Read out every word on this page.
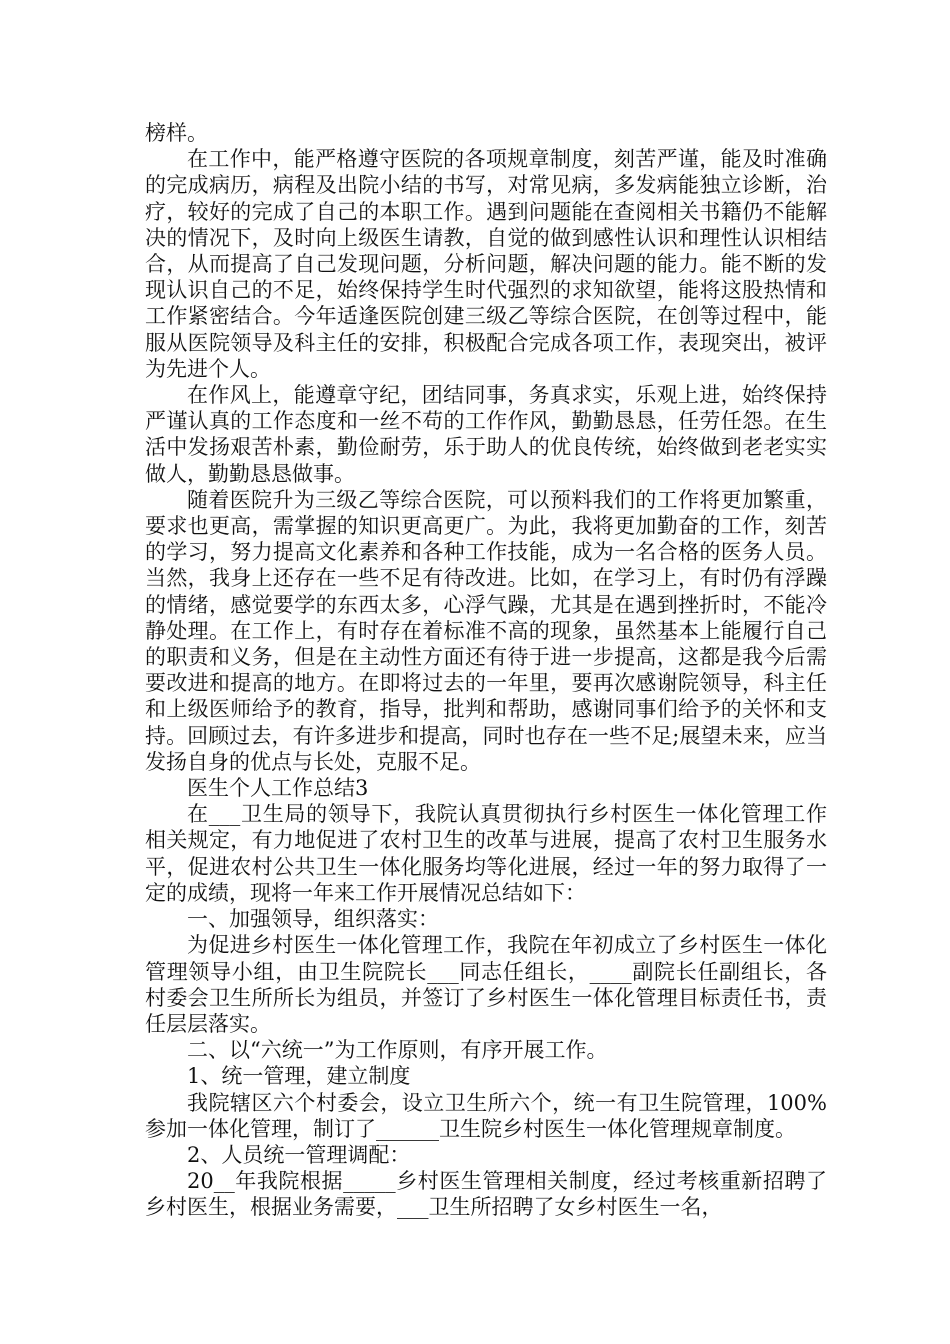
榜样。

在工作中，能严格遵守医院的各项规章制度，刻苦严谨，能及时准确的完成病历，病程及出院小结的书写，对常见病，多发病能独立诊断，治疗，较好的完成了自己的本职工作。遇到问题能在查阅相关书籍仍不能解决的情况下，及时向上级医生请教，自觉的做到感性认识和理性认识相结合，从而提高了自己发现问题，分析问题，解决问题的能力。能不断的发现认识自己的不足，始终保持学生时代强烈的求知欲望，能将这股热情和工作紧密结合。今年适逢医院创建三级乙等综合医院，在创等过程中，能服从医院领导及科主任的安排，积极配合完成各项工作，表现突出，被评为先进个人。

在作风上，能遵章守纪，团结同事，务真求实，乐观上进，始终保持严谨认真的工作态度和一丝不苟的工作作风，勤勤恳恳，任劳任怨。在生活中发扬艰苦朴素，勤俭耐劳，乐于助人的优良传统，始终做到老老实实做人，勤勤恳恳做事。

随着医院升为三级乙等综合医院，可以预料我们的工作将更加繁重，要求也更高，需掌握的知识更高更广。为此，我将更加勤奋的工作，刻苦的学习，努力提高文化素养和各种工作技能，成为一名合格的医务人员。当然，我身上还存在一些不足有待改进。比如，在学习上，有时仍有浮躁的情绪，感觉要学的东西太多，心浮气躁，尤其是在遇到挫折时，不能冷静处理。在工作上，有时存在着标准不高的现象，虽然基本上能履行自己的职责和义务，但是在主动性方面还有待于进一步提高，这都是我今后需要改进和提高的地方。在即将过去的一年里，要再次感谢院领导，科主任和上级医师给予的教育，指导，批判和帮助，感谢同事们给予的关怀和支持。回顾过去，有许多进步和提高，同时也存在一些不足;展望未来，应当发扬自身的优点与长处，克服不足。

医生个人工作总结3

在___卫生局的领导下，我院认真贯彻执行乡村医生一体化管理工作相关规定，有力地促进了农村卫生的改革与进展，提高了农村卫生服务水平，促进农村公共卫生一体化服务均等化进展，经过一年的努力取得了一定的成绩，现将一年来工作开展情况总结如下：

一、加强领导，组织落实：

为促进乡村医生一体化管理工作，我院在年初成立了乡村医生一体化管理领导小组，由卫生院院长___同志任组长，____副院长任副组长，各村委会卫生所所长为组员，并签订了乡村医生一体化管理目标责任书，责任层层落实。

二、以“六统一”为工作原则，有序开展工作。

1、统一管理，建立制度

我院辖区六个村委会，设立卫生所六个，统一有卫生院管理，100%参加一体化管理，制订了______卫生院乡村医生一体化管理规章制度。

2、人员统一管理调配：

20__年我院根据_____乡村医生管理相关制度，经过考核重新招聘了乡村医生，根据业务需要，___卫生所招聘了女乡村医生一名，
